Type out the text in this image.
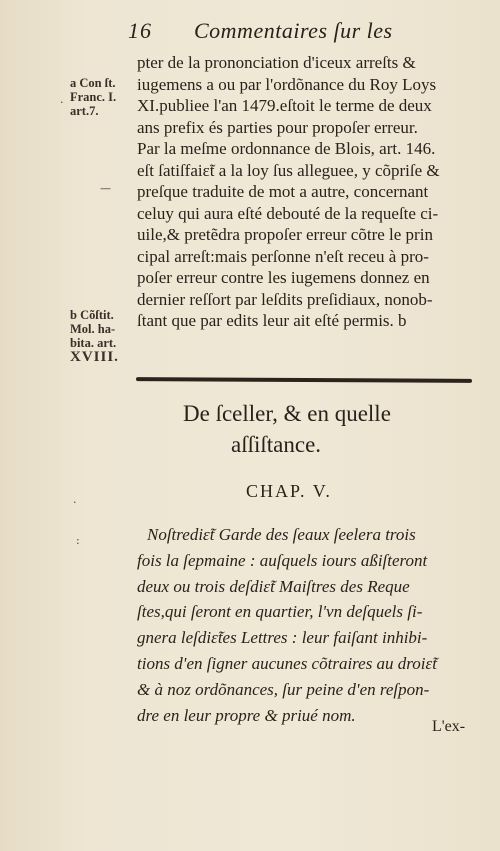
16 Commentaires ſur les
a Con ſt.
Franc. I.
art.7.
pter de la prononciation d'iceux arreſts &
iugemens a ou par l'ordõnance du Roy Loys
XI.publiee l'an 1479.eſtoit le terme de deux
ans prefix és parties pour propoſer erreur.
Par la meſme ordonnance de Blois, art. 146.
eſt ſatiſfaiɛ̃t a la loy ſus alleguee, y cõpriſe &
preſque traduite de mot a autre, concernant
celuy qui aura eſté debouté de la requeſte ci-
uile,& pretẽdra propoſer erreur cõtre le prin
cipal arreſt:mais perſonne n'eſt receu à pro-
poſer erreur contre les iugemens donnez en
dernier reſſort par leſdits preſidiaux, nonob-
ſtant que par edits leur ait eſté permis. b
b Cõſtit.
Mol. ha-
bita. art.
XVIII.
De ſceller, & en quelle
aſſiſtance.
CHAP. V.
Noſtrediɛ̃t Garde des ſeaux ſeelera trois
fois la ſepmaine : auſquels iours aßiſteront
deux ou trois deſdiɛ̃t Maiſtres des Reque
ſtes,qui ſeront en quartier, l'vn deſquels ſi-
gnera leſdiɛ̃tes Lettres : leur faiſant inhibi-
tions d'en ſigner aucunes cõtraires au droiɛ̃t
& à noz ordõnances, ſur peine d'en reſpon-
dre en leur propre & priué nom.
L'ex-
·
—
:
·
